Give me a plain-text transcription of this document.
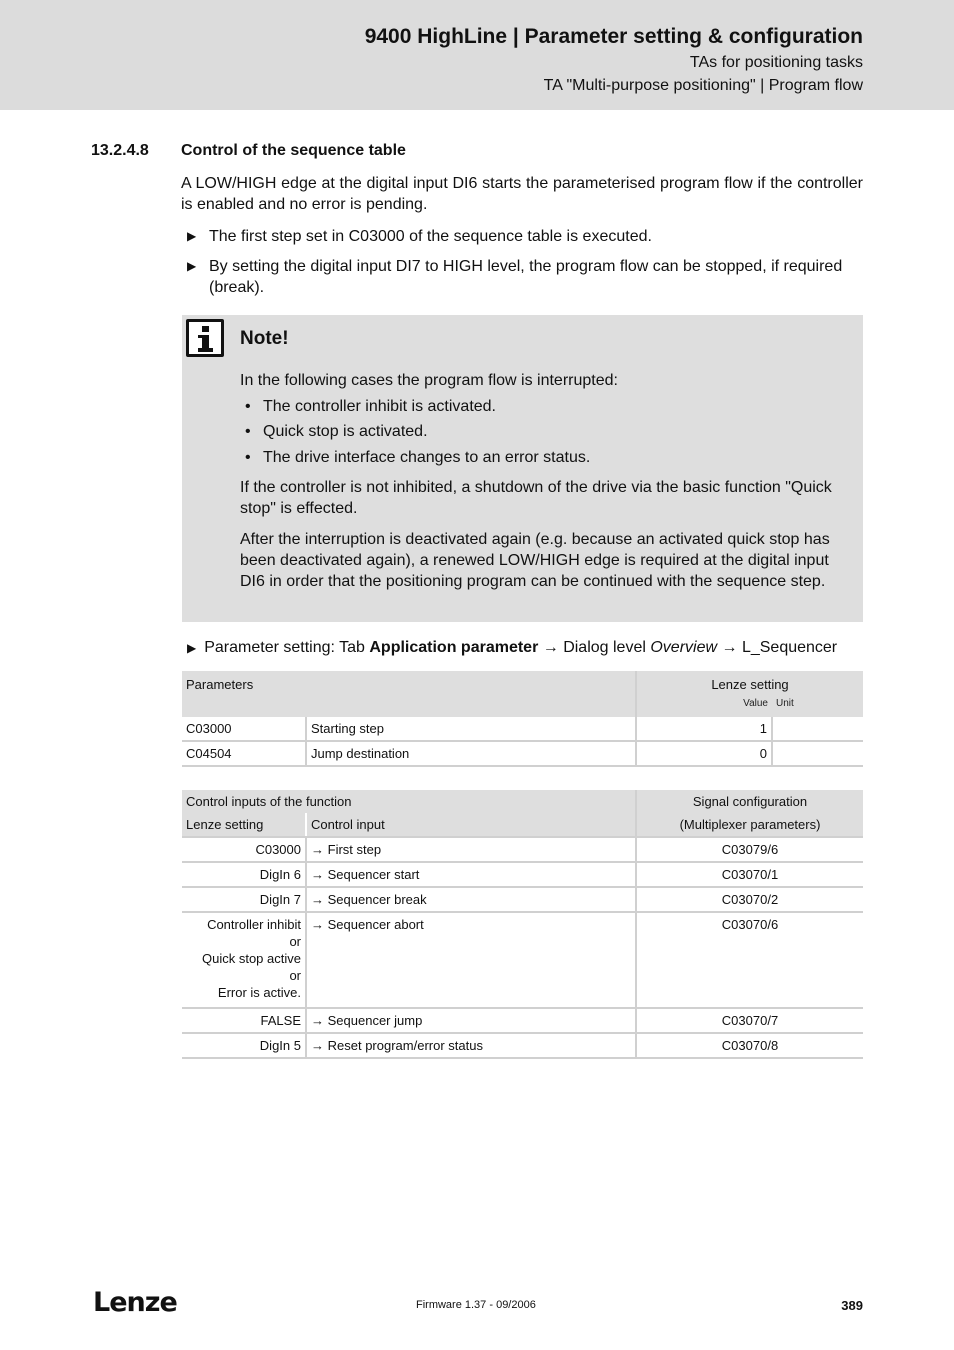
9400 HighLine | Parameter setting & configuration
TAs for positioning tasks
TA "Multi-purpose positioning" | Program flow
13.2.4.8 Control of the sequence table
A LOW/HIGH edge at the digital input DI6 starts the parameterised program flow if the controller is enabled and no error is pending.
▶ The first step set in C03000 of the sequence table is executed.
▶ By setting the digital input DI7 to HIGH level, the program flow can be stopped, if required (break).
Note!
In the following cases the program flow is interrupted:
• The controller inhibit is activated.
• Quick stop is activated.
• The drive interface changes to an error status.
If the controller is not inhibited, a shutdown of the drive via the basic function "Quick stop" is effected.
After the interruption is deactivated again (e.g. because an activated quick stop has been deactivated again), a renewed LOW/HIGH edge is required at the digital input DI6 in order that the positioning program can be continued with the sequence step.
▶ Parameter setting: Tab Application parameter → Dialog level Overview → L_Sequencer
Parameters		Lenze setting	
		Value	Unit
C03000	Starting step	1	
C04504	Jump destination	0	
Control inputs of the function		Signal configuration
Lenze setting	Control input	(Multiplexer parameters)
C03000	→ First step	C03079/6
DigIn 6	→ Sequencer start	C03070/1
DigIn 7	→ Sequencer break	C03070/2

Controller inhibit
or
Quick stop active
or
Error is active.	→ Sequencer abort	C03070/6
FALSE	→ Sequencer jump	C03070/7
DigIn 5	→ Reset program/error status	C03070/8
Lenze	Firmware 1.37 - 09/2006	389
